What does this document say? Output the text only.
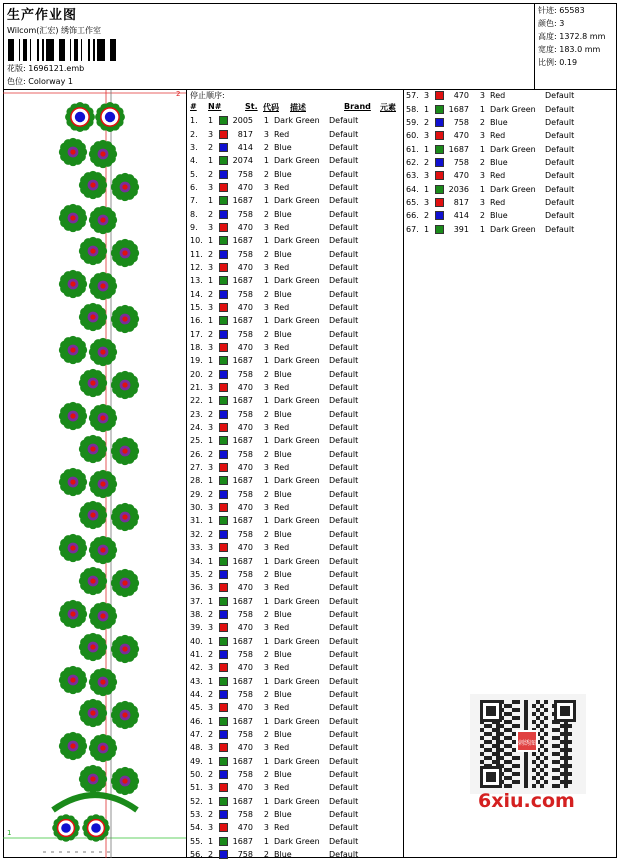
生产作业图
Wilcom(汇宏) 绣饰工作室
花版: 1696121.emb
色位: Colorway 1
针迹: 65583
颜色: 3
高度: 1372.8 mm
宽度: 183.0 mm
比例: 0.19
1
2 停止顺序:
# N#	St. 代码 描述	Brand 元素
1.	1		2005	1	Dark Green	Default
2.	3		817	3	Red	Default
3.	2		414	2	Blue	Default
4.	1		2074	1	Dark Green	Default
5.	2		758	2	Blue	Default
6.	3		470	3	Red	Default
7.	1		1687	1	Dark Green	Default
8.	2		758	2	Blue	Default
9.	3		470	3	Red	Default
10.	1		1687	1	Dark Green	Default
11.	2		758	2	Blue	Default
12.	3		470	3	Red	Default
13.	1		1687	1	Dark Green	Default
14.	2		758	2	Blue	Default
15.	3		470	3	Red	Default
16.	1		1687	1	Dark Green	Default
17.	2		758	2	Blue	Default
18.	3		470	3	Red	Default
19.	1		1687	1	Dark Green	Default
20.	2		758	2	Blue	Default
21.	3		470	3	Red	Default
22.	1		1687	1	Dark Green	Default
23.	2		758	2	Blue	Default
24.	3		470	3	Red	Default
25.	1		1687	1	Dark Green	Default
26.	2		758	2	Blue	Default
27.	3		470	3	Red	Default
28.	1		1687	1	Dark Green	Default
29.	2		758	2	Blue	Default
30.	3		470	3	Red	Default
31.	1		1687	1	Dark Green	Default
32.	2		758	2	Blue	Default
33.	3		470	3	Red	Default
34.	1		1687	1	Dark Green	Default
35.	2		758	2	Blue	Default
36.	3		470	3	Red	Default
37.	1		1687	1	Dark Green	Default
38.	2		758	2	Blue	Default
39.	3		470	3	Red	Default
40.	1		1687	1	Dark Green	Default
41.	2		758	2	Blue	Default
42.	3		470	3	Red	Default
43.	1		1687	1	Dark Green	Default
44.	2		758	2	Blue	Default
45.	3		470	3	Red	Default
46.	1		1687	1	Dark Green	Default
47.	2		758	2	Blue	Default
48.	3		470	3	Red	Default
49.	1		1687	1	Dark Green	Default
50.	2		758	2	Blue	Default
51.	3		470	3	Red	Default
52.	1		1687	1	Dark Green	Default
53.	2		758	2	Blue	Default
54.	3		470	3	Red	Default
55.	1		1687	1	Dark Green	Default
56.	2		758	2	Blue	Default
57.	3		470	3	Red	Default
58.	1		1687	1	Dark Green	Default
59.	2		758	2	Blue	Default
60.	3		470	3	Red	Default
61.	1		1687	1	Dark Green	Default
62.	2		758	2	Blue	Default
63.	3		470	3	Red	Default
64.	1		2036	1	Dark Green	Default
65.	3		817	3	Red	Default
66.	2		414	2	Blue	Default
67.	1		391	1	Dark Green	Default
刺绣图
6xiu.com
